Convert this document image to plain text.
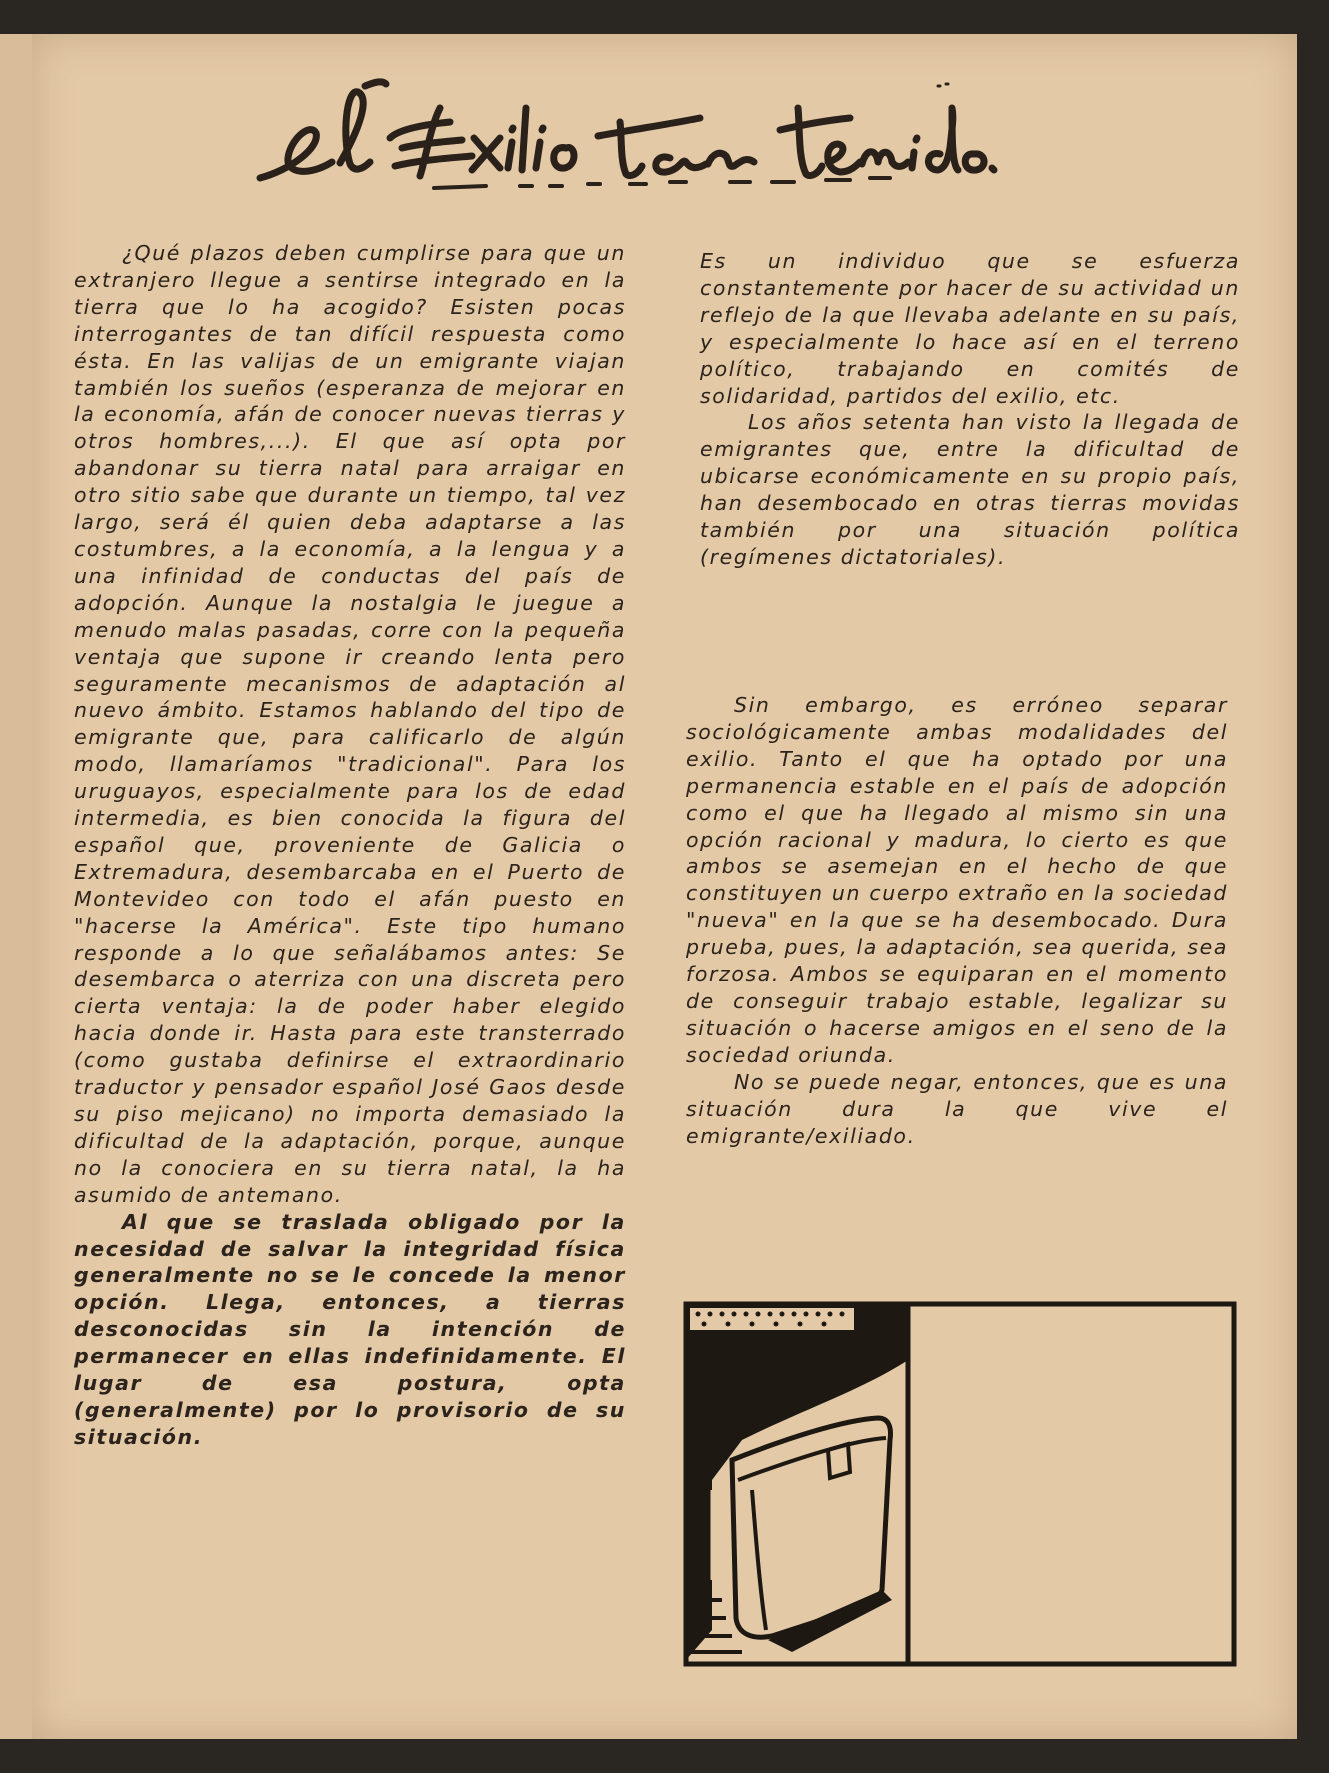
¿Qué plazos deben cumplirse para que un extranjero llegue a sentirse integrado en la tierra que lo ha acogido? Esisten pocas interrogantes de tan difícil respuesta como ésta. En las valijas de un emigrante viajan también los sueños (esperanza de mejorar en la economía, afán de conocer nuevas tierras y otros hombres,...). El que así opta por abandonar su tierra natal para arraigar en otro sitio sabe que durante un tiempo, tal vez largo, será él quien deba adaptarse a las costumbres, a la economía, a la lengua y a una infinidad de conductas del país de adopción. Aunque la nostalgia le juegue a menudo malas pasadas, corre con la pequeña ventaja que supone ir creando lenta pero seguramente mecanismos de adaptación al nuevo ámbito. Estamos hablando del tipo de emigrante que, para calificarlo de algún modo, llamaríamos "tradicional". Para los uruguayos, especialmente para los de edad intermedia, es bien conocida la figura del español que, proveniente de Galicia o Extremadura, desembarcaba en el Puerto de Montevideo con todo el afán puesto en "hacerse la América". Este tipo humano responde a lo que señalábamos antes: Se desembarca o aterriza con una discreta pero cierta ventaja: la de poder haber elegido hacia donde ir. Hasta para este transterrado (como gustaba definirse el extraordinario traductor y pensador español José Gaos desde su piso mejicano) no importa demasiado la dificultad de la adaptación, porque, aunque no la conociera en su tierra natal, la ha asumido de antemano.

Al que se traslada obligado por la necesidad de salvar la integridad física generalmente no se le concede la menor opción. Llega, entonces, a tierras desconocidas sin la intención de permanecer en ellas indefinidamente. El lugar de esa postura, opta (generalmente) por lo provisorio de su situación.

Es un individuo que se esfuerza constantemente por hacer de su actividad un reflejo de la que llevaba adelante en su país, y especialmente lo hace así en el terreno político, trabajando en comités de solidaridad, partidos del exilio, etc.

Los años setenta han visto la llegada de emigrantes que, entre la dificultad de ubicarse económicamente en su propio país, han desembocado en otras tierras movidas también por una situación política (regímenes dictatoriales).

Sin embargo, es erróneo separar sociológicamente ambas modalidades del exilio. Tanto el que ha optado por una permanencia estable en el país de adopción como el que ha llegado al mismo sin una opción racional y madura, lo cierto es que ambos se asemejan en el hecho de que constituyen un cuerpo extraño en la sociedad "nueva" en la que se ha desembocado. Dura prueba, pues, la adaptación, sea querida, sea forzosa. Ambos se equiparan en el momento de conseguir trabajo estable, legalizar su situación o hacerse amigos en el seno de la sociedad oriunda.

No se puede negar, entonces, que es una situación dura la que vive el emigrante/exiliado.
